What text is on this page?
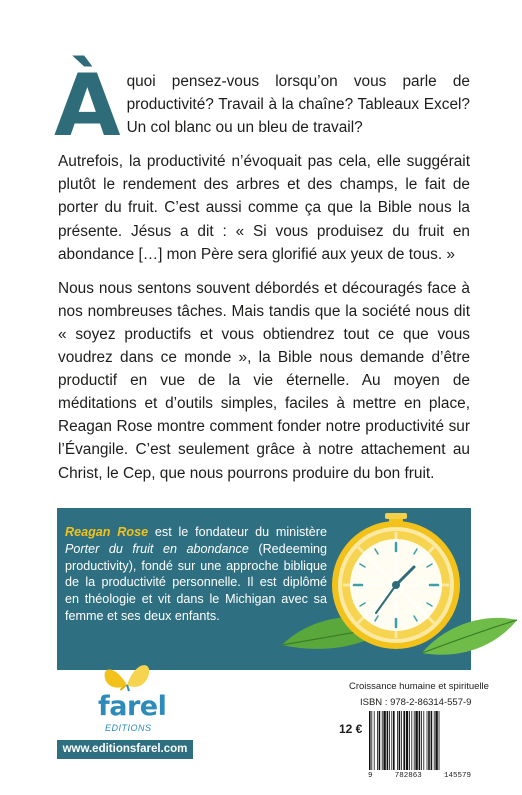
Àquoi pensez-vous lorsqu’on vous parle de productivité? Travail à la chaîne? Tableaux Excel? Un col blanc ou un bleu de travail?

Autrefois, la productivité n’évoquait pas cela, elle suggérait plutôt le rendement des arbres et des champs, le fait de porter du fruit. C’est aussi comme ça que la Bible nous la présente. Jésus a dit : « Si vous produisez du fruit en abondance […] mon Père sera glorifié aux yeux de tous. »

Nous nous sentons souvent débordés et découragés face à nos nombreuses tâches. Mais tandis que la société nous dit « soyez productifs et vous obtiendrez tout ce que vous voudrez dans ce monde », la Bible nous demande d’être productif en vue de la vie éternelle. Au moyen de méditations et d’outils simples, faciles à mettre en place, Reagan Rose montre comment fonder notre productivité sur l’Évangile. C’est seulement grâce à notre attachement au Christ, le Cep, que nous pourrons produire du bon fruit.

Reagan Rose est le fondateur du ministère Porter du fruit en abondance (Redeeming productivity), fondé sur une approche biblique de la productivité personnelle. Il est diplômé en théologie et vit dans le Michigan avec sa femme et ses deux enfants.
farel
EDITIONS
www.editionsfarel.com
Croissance humaine et spirituelle
ISBN : 978-2-86314-557-9
12 €
9	782863	145579
